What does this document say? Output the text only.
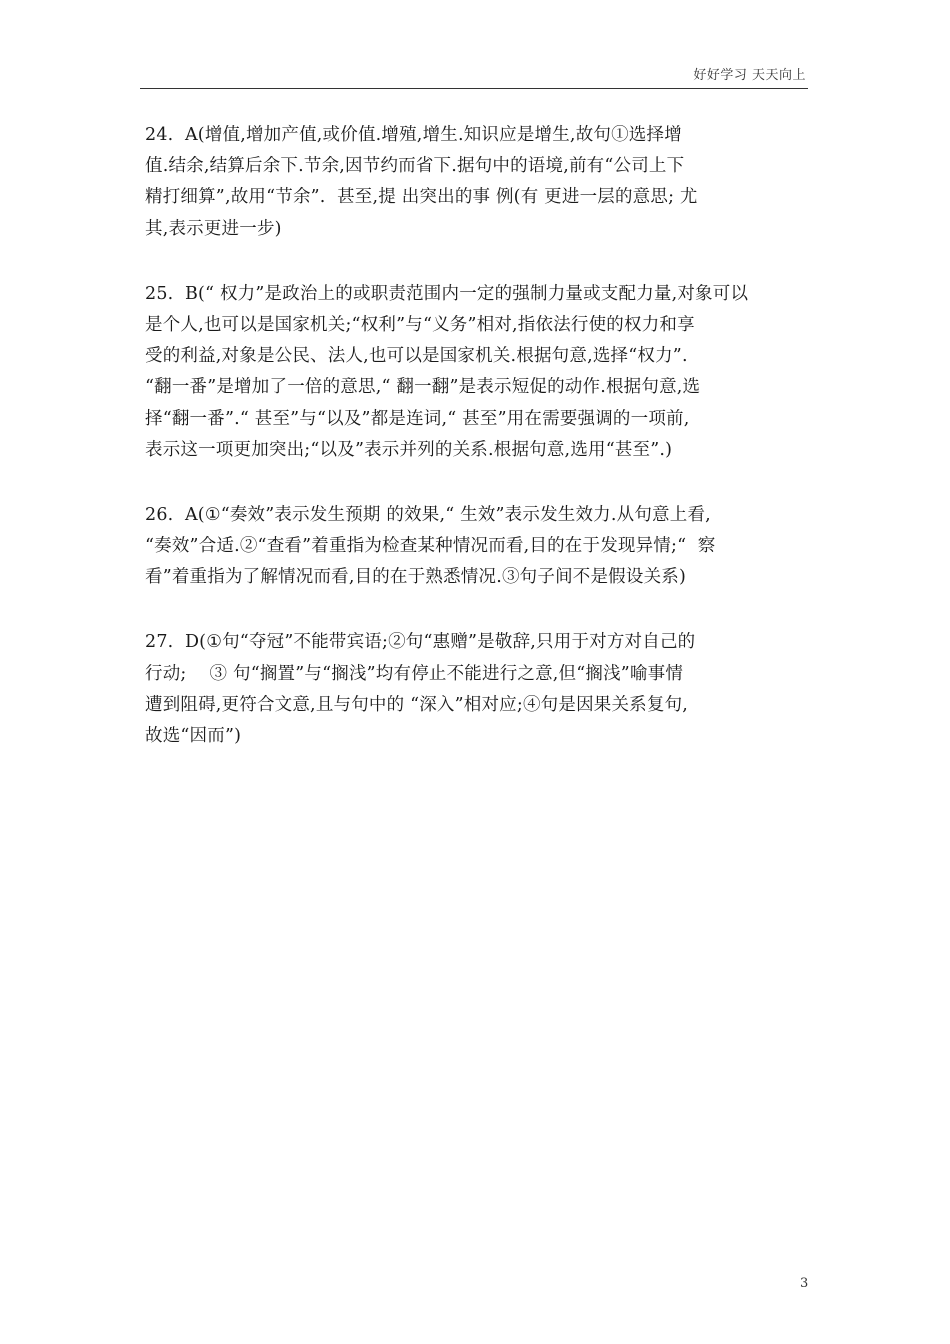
好好学习 天天向上
24.  A(增值,增加产值,或价值.增殖,增生.知识应是增生,故句①选择增
值.结余,结算后余下.节余,因节约而省下.据句中的语境,前有“公司上下
精打细算”,故用“节余”.  甚至,提 出突出的事 例(有 更进一层的意思; 尤
其,表示更进一步)
25.  B(“ 权力”是政治上的或职责范围内一定的强制力量或支配力量,对象可以
是个人,也可以是国家机关;“权利”与“义务”相对,指依法行使的权力和享
受的利益,对象是公民、法人,也可以是国家机关.根据句意,选择“权力”.
“翻一番”是增加了一倍的意思,“ 翻一翻”是表示短促的动作.根据句意,选
择“翻一番”.“ 甚至”与“以及”都是连词,“ 甚至”用在需要强调的一项前,
表示这一项更加突出;“以及”表示并列的关系.根据句意,选用“甚至”.)
26.  A(①“奏效”表示发生预期 的效果,“ 生效”表示发生效力.从句意上看,
“奏效”合适.②“查看”着重指为检查某种情况而看,目的在于发现异情;“  察
看”着重指为了解情况而看,目的在于熟悉情况.③句子间不是假设关系)
27.  D(①句“夺冠”不能带宾语;②句“惠赠”是敬辞,只用于对方对自己的
行动;    ③ 句“搁置”与“搁浅”均有停止不能进行之意,但“搁浅”喻事情
遭到阻碍,更符合文意,且与句中的 “深入”相对应;④句是因果关系复句,
故选“因而”)
3
